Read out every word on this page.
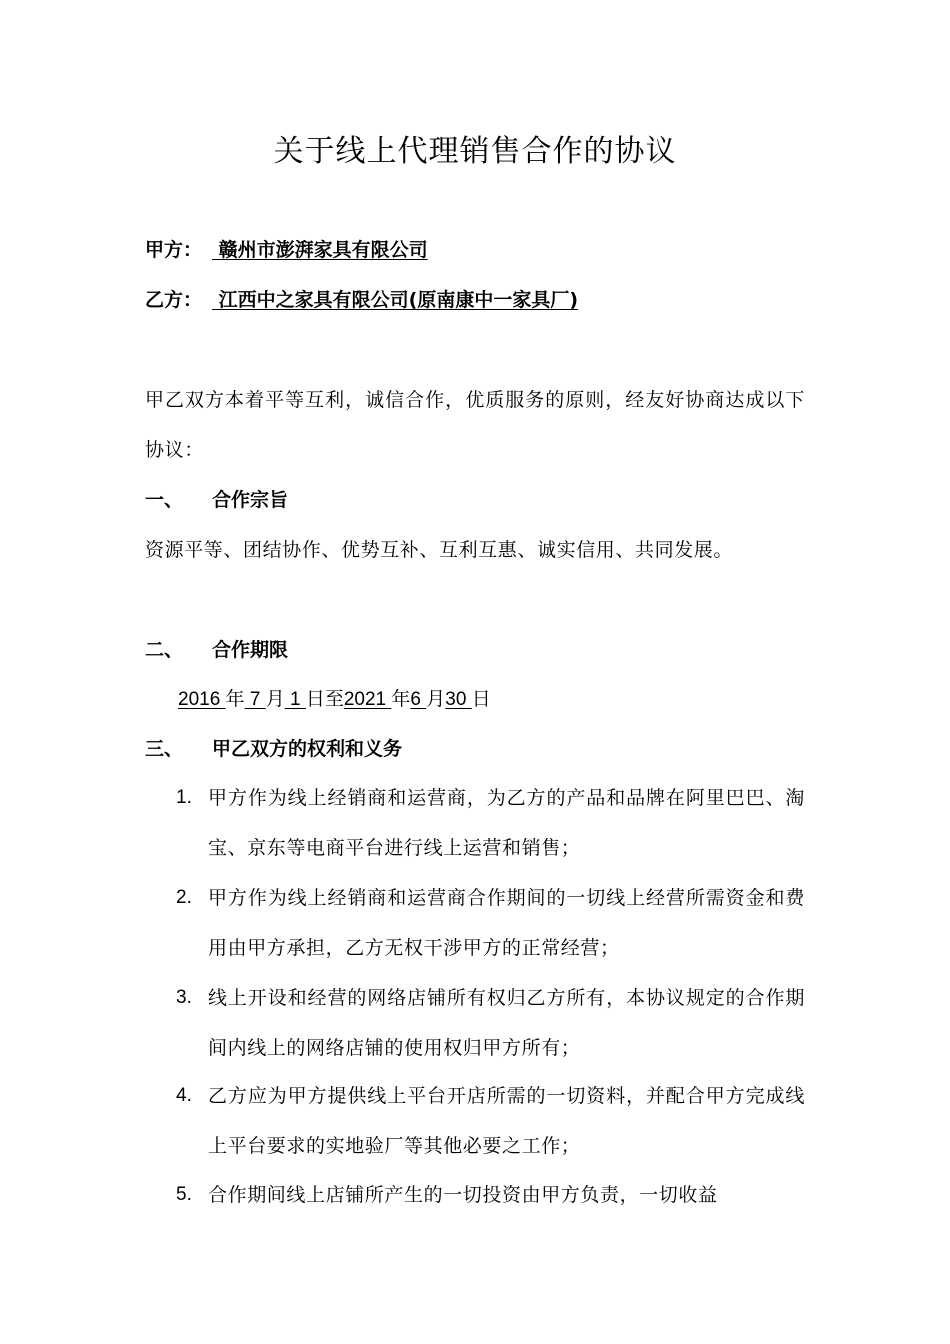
关于线上代理销售合作的协议
甲方： 赣州市澎湃家具有限公司
乙方： 江西中之家具有限公司(原南康中一家具厂)
甲乙双方本着平等互利，诚信合作，优质服务的原则，经友好协商达成以下协议：
一、 合作宗旨
资源平等、团结协作、优势互补、互利互惠、诚实信用、共同发展。
二、 合作期限
2016 年 7 月 1 日至2021 年6 月30 日
三、 甲乙双方的权利和义务
1. 甲方作为线上经销商和运营商，为乙方的产品和品牌在阿里巴巴、淘宝、京东等电商平台进行线上运营和销售；
2. 甲方作为线上经销商和运营商合作期间的一切线上经营所需资金和费用由甲方承担，乙方无权干涉甲方的正常经营；
3. 线上开设和经营的网络店铺所有权归乙方所有，本协议规定的合作期间内线上的网络店铺的使用权归甲方所有；
4. 乙方应为甲方提供线上平台开店所需的一切资料，并配合甲方完成线上平台要求的实地验厂等其他必要之工作；
5. 合作期间线上店铺所产生的一切投资由甲方负责，一切收益
